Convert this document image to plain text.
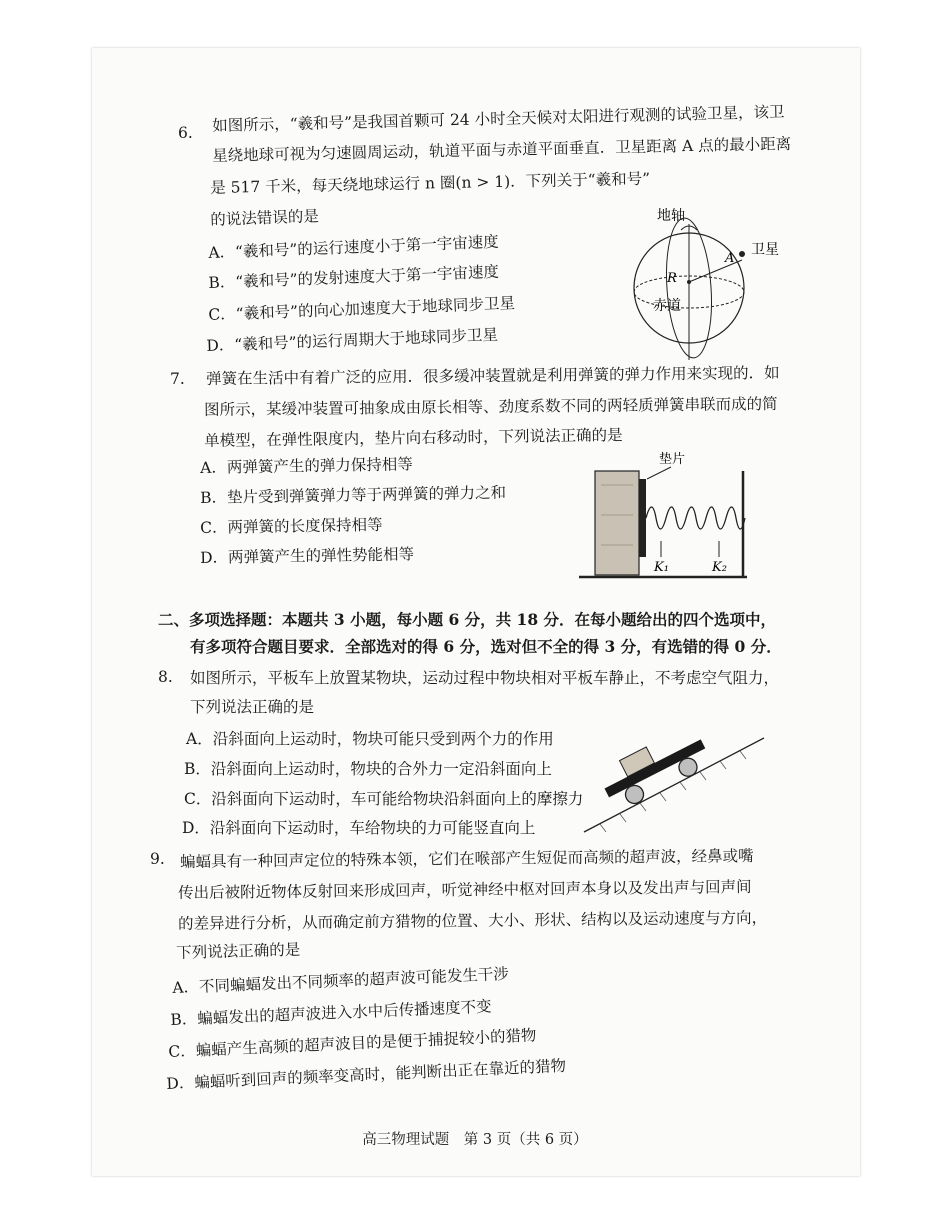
6. 如图所示，“羲和号”是我国首颗可 24 小时全天候对太阳进行观测的试验卫星，该卫
星绕地球可视为匀速圆周运动，轨道平面与赤道平面垂直．卫星距离 A 点的最小距离
是 517 千米，每天绕地球运行 n 圈(n > 1)．下列关于“羲和号”
的说法错误的是
A．“羲和号”的运行速度小于第一宇宙速度
B．“羲和号”的发射速度大于第一宇宙速度
C．“羲和号”的向心加速度大于地球同步卫星
D．“羲和号”的运行周期大于地球同步卫星
地轴
A
卫星
R
赤道
7. 弹簧在生活中有着广泛的应用．很多缓冲装置就是利用弹簧的弹力作用来实现的．如
图所示，某缓冲装置可抽象成由原长相等、劲度系数不同的两轻质弹簧串联而成的简
单模型，在弹性限度内，垫片向右移动时，下列说法正确的是
A．两弹簧产生的弹力保持相等
B．垫片受到弹簧弹力等于两弹簧的弹力之和
C．两弹簧的长度保持相等
D．两弹簧产生的弹性势能相等
垫片
K₁	K₂
二、多项选择题：本题共 3 小题，每小题 6 分，共 18 分．在每小题给出的四个选项中，
有多项符合题目要求．全部选对的得 6 分，选对但不全的得 3 分，有选错的得 0 分．
8. 如图所示，平板车上放置某物块，运动过程中物块相对平板车静止，不考虑空气阻力，
下列说法正确的是
A．沿斜面向上运动时，物块可能只受到两个力的作用
B．沿斜面向上运动时，物块的合外力一定沿斜面向上
C．沿斜面向下运动时，车可能给物块沿斜面向上的摩擦力
D．沿斜面向下运动时，车给物块的力可能竖直向上
9. 蝙蝠具有一种回声定位的特殊本领，它们在喉部产生短促而高频的超声波，经鼻或嘴
传出后被附近物体反射回来形成回声，听觉神经中枢对回声本身以及发出声与回声间
的差异进行分析，从而确定前方猎物的位置、大小、形状、结构以及运动速度与方向，
下列说法正确的是
A．不同蝙蝠发出不同频率的超声波可能发生干涉
B．蝙蝠发出的超声波进入水中后传播速度不变
C．蝙蝠产生高频的超声波目的是便于捕捉较小的猎物
D．蝙蝠听到回声的频率变高时，能判断出正在靠近的猎物
高三物理试题　第 3 页（共 6 页）
